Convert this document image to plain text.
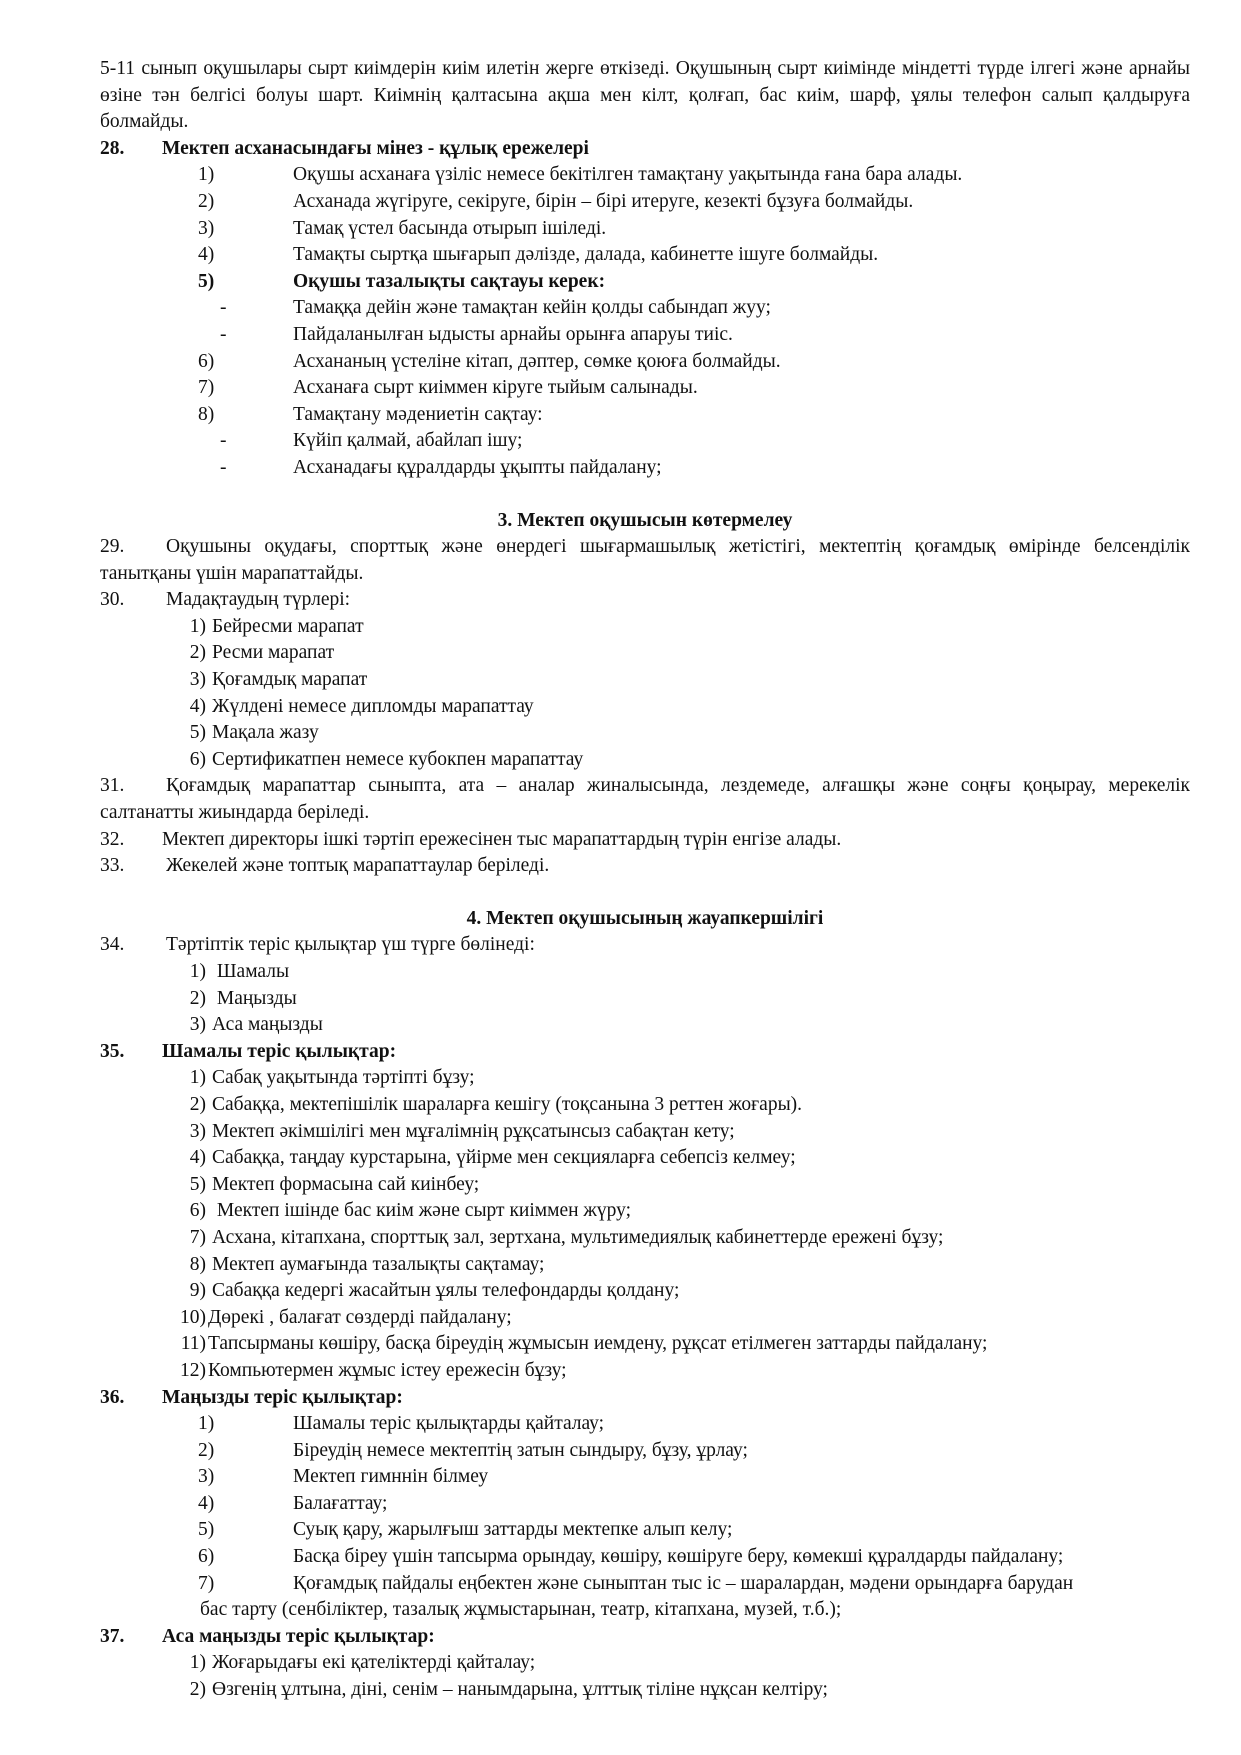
5-11 сынып оқушылары сырт киімдерін киім илетін жерге өткізеді. Оқушының сырт киімінде міндетті түрде ілгегі және арнайы өзіне тән белгісі болуы шарт. Киімнің қалтасына ақша мен кілт, қолғап, бас киім, шарф, ұялы телефон салып қалдыруға болмайды.
28.	Мектеп асханасындағы мінез - құлық ережелері
1)	Оқушы асханаға үзіліс немесе бекітілген тамақтану уақытында ғана бара алады.
2)	Асханада жүгіруге, секіруге, бірін – бірі итеруге, кезекті бұзуға болмайды.
3)	Тамақ үстел басында отырып ішіледі.
4)	Тамақты сыртқа шығарып дәлізде, далада, кабинетте ішуге болмайды.
5)	Оқушы тазалықты сақтауы керек:
-	Тамаққа дейін және тамақтан кейін қолды сабындап жуу;
-	Пайдаланылған ыдысты арнайы орынға апаруы тиіс.
6)	Асхананың үстеліне кітап, дәптер, сөмке қоюға болмайды.
7)	Асханаға сырт киіммен кіруге тыйым салынады.
8)	Тамақтану мәдениетін сақтау:
-	Күйіп қалмай, абайлап ішу;
-	Асханадағы құралдарды ұқыпты пайдалану;
3. Мектеп оқушысын көтермелеу
29. Оқушыны оқудағы, спорттық және өнердегі шығармашылық жетістігі, мектептің қоғамдық өмірінде белсенділік танытқаны үшін марапаттайды.
30. Мадақтаудың түрлері:
1) Бейресми марапат
2) Ресми марапат
3) Қоғамдық марапат
4) Жүлдені немесе дипломды марапаттау
5) Мақала жазу
6) Сертификатпен немесе кубокпен марапаттау
31. Қоғамдық марапаттар сыныпта, ата – аналар жиналысында, лездемеде, алғашқы және соңғы қоңырау, мерекелік салтанатты жиындарда беріледі.
32. Мектеп директоры ішкі тәртіп ережесінен тыс марапаттардың түрін енгізе алады.
33. Жекелей және топтық марапаттаулар беріледі.
4. Мектеп оқушысының жауапкершілігі
34. Тәртіптік теріс қылықтар үш түрге бөлінеді:
1) Шамалы
2) Маңызды
3) Аса маңызды
35.	Шамалы теріс қылықтар:
1) Сабақ уақытында тәртіпті бұзу;
2) Сабаққа, мектепішілік шараларға кешігу (тоқсанына 3 реттен жоғары).
3) Мектеп әкімшілігі мен мұғалімнің рұқсатынсыз сабақтан кету;
4) Сабаққа, таңдау курстарына, үйірме мен секцияларға себепсіз келмеу;
5) Мектеп формасына сай киінбеу;
6) Мектеп ішінде бас киім және сырт киіммен жүру;
7) Асхана, кітапхана, спорттық зал, зертхана, мультимедиялық кабинеттерде ережені бұзу;
8) Мектеп аумағында тазалықты сақтамау;
9) Сабаққа кедергі жасайтын ұялы телефондарды қолдану;
10) Дөрекі , балағат сөздерді пайдалану;
11) Тапсырманы көшіру, басқа біреудің жұмысын иемдену, рұқсат етілмеген заттарды пайдалану;
12) Компьютермен жұмыс істеу ережесін бұзу;
36.	Маңызды теріс қылықтар:
1)	Шамалы теріс қылықтарды қайталау;
2)	Біреудің немесе мектептің затын сындыру, бұзу, ұрлау;
3)	Мектеп гимннін білмеу
4)	Балағаттау;
5)	Суық қару, жарылғыш заттарды мектепке алып келу;
6)	Басқа біреу үшін тапсырма орындау, көшіру, көшіруге беру, көмекші құралдарды пайдалану;
7)	Қоғамдық пайдалы еңбектен және сыныптан тыс іс – шаралардан, мәдени орындарға барудан
бас тарту (сенбіліктер, тазалық жұмыстарынан, театр, кітапхана, музей, т.б.);
37.	Аса маңызды теріс қылықтар:
1) Жоғарыдағы екі қателіктерді қайталау;
2) Өзгенің ұлтына, діні, сенім – нанымдарына, ұлттық тіліне нұқсан келтіру;
